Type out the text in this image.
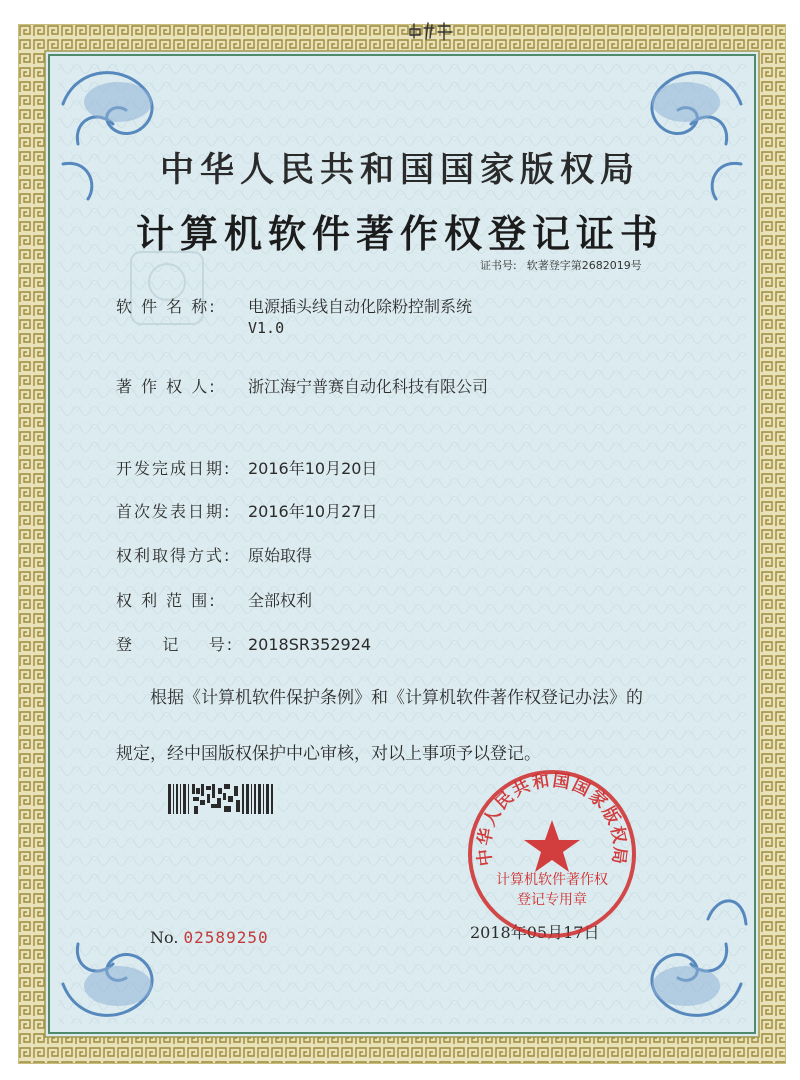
中华人民共和国国家版权局
计算机软件著作权登记证书
证书号: 软著登字第2682019号
软 件 名 称: 电源插头线自动化除粉控制系统
V1.0
著 作 权 人: 浙江海宁普赛自动化科技有限公司
开发完成日期: 2016年10月20日
首次发表日期: 2016年10月27日
权利取得方式: 原始取得
权 利 范 围: 全部权利
登    记    号: 2018SR352924
根据《计算机软件保护条例》和《计算机软件著作权登记办法》的
规定，经中国版权保护中心审核，对以上事项予以登记。
No. 02589250	2018年05月17日
中华人民共和国国家版权局
计算机软件著作权
登记专用章
